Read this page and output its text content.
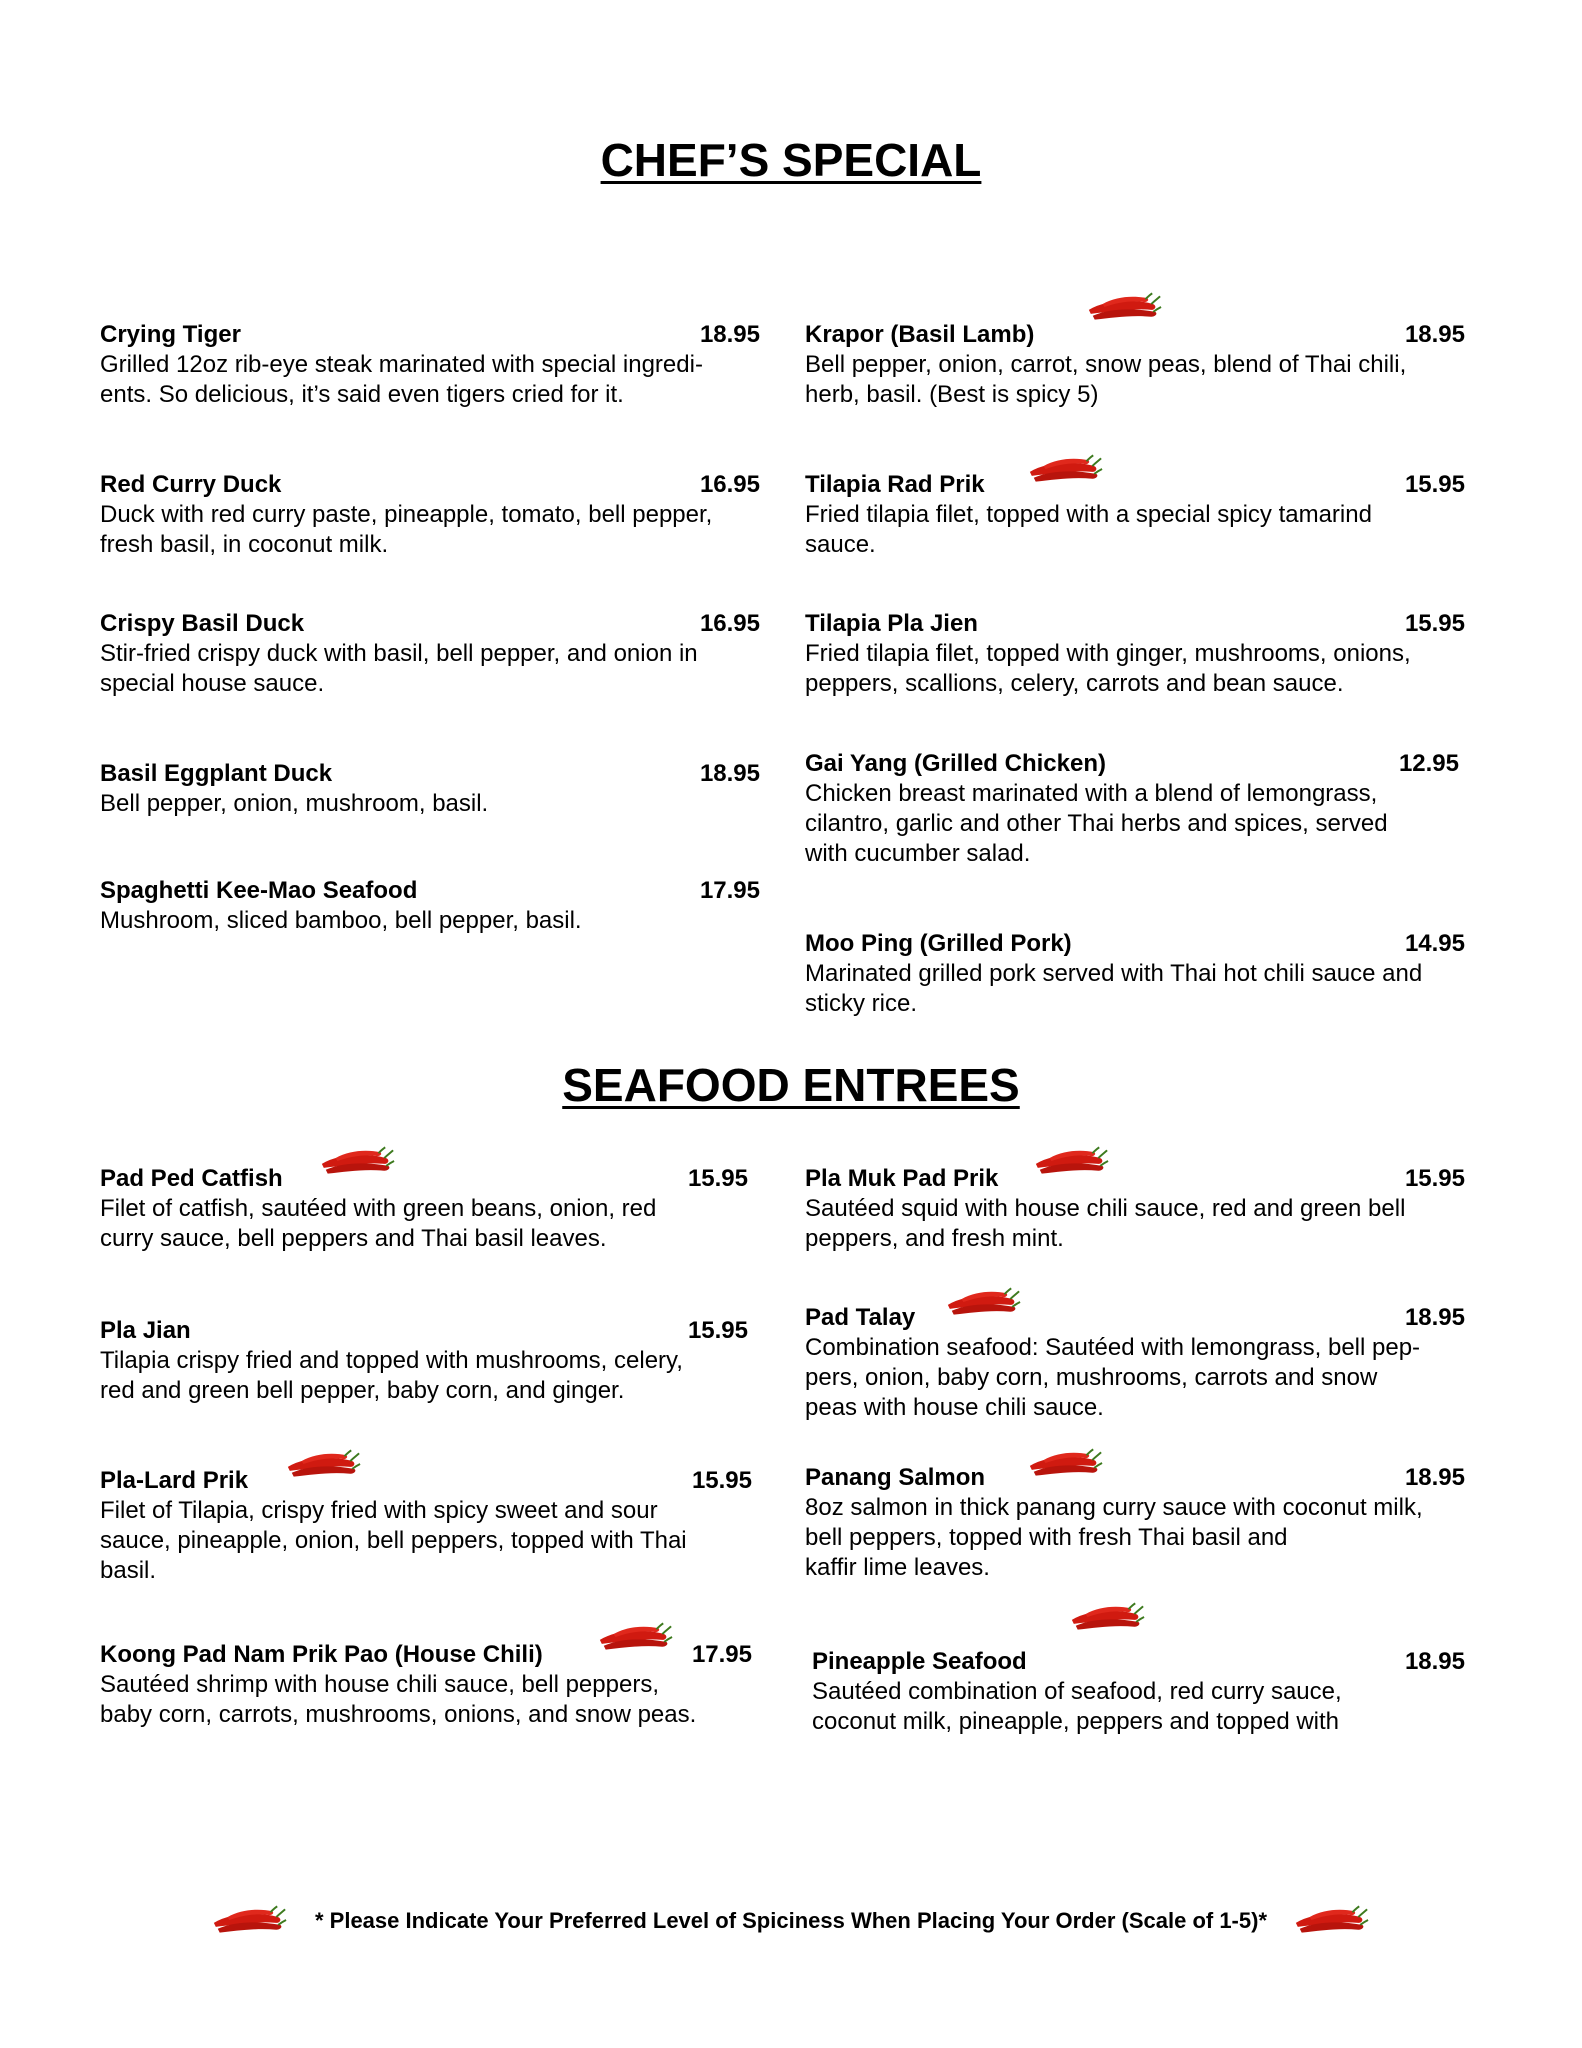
CHEF’S SPECIAL
Crying Tiger	18.95
Grilled 12oz rib-eye steak marinated with special ingredi-
ents. So delicious, it’s said even tigers cried for it.
Red Curry Duck	16.95
Duck with red curry paste, pineapple, tomato, bell pepper,
fresh basil, in coconut milk.
Crispy Basil Duck	16.95
Stir-fried crispy duck with basil, bell pepper, and onion in
special house sauce.
Basil Eggplant Duck	18.95
Bell pepper, onion, mushroom, basil.
Spaghetti Kee-Mao Seafood	17.95
Mushroom, sliced bamboo, bell pepper, basil.
Krapor (Basil Lamb)	18.95
Bell pepper, onion, carrot, snow peas, blend of Thai chili,
herb, basil. (Best is spicy 5)
Tilapia Rad Prik	15.95
Fried tilapia filet, topped with a special spicy tamarind
sauce.
Tilapia Pla Jien	15.95
Fried tilapia filet, topped with ginger, mushrooms, onions,
peppers, scallions, celery, carrots and bean sauce.
Gai Yang (Grilled Chicken)	12.95
Chicken breast marinated with a blend of lemongrass,
cilantro, garlic and other Thai herbs and spices, served
with cucumber salad.
Moo Ping (Grilled Pork)	14.95
Marinated grilled pork served with Thai hot chili sauce and
sticky rice.
SEAFOOD ENTREES
Pad Ped Catfish	15.95
Filet of catfish, sautéed with green beans, onion, red
curry sauce, bell peppers and Thai basil leaves.
Pla Jian	15.95
Tilapia crispy fried and topped with mushrooms, celery,
red and green bell pepper, baby corn, and ginger.
Pla-Lard Prik	15.95
Filet of Tilapia, crispy fried with spicy sweet and sour
sauce, pineapple, onion, bell peppers, topped with Thai
basil.
Koong Pad Nam Prik Pao (House Chili)	17.95
Sautéed shrimp with house chili sauce, bell peppers,
baby corn, carrots, mushrooms, onions, and snow peas.
Pla Muk Pad Prik	15.95
Sautéed squid with house chili sauce, red and green bell
peppers, and fresh mint.
Pad Talay	18.95
Combination seafood: Sautéed with lemongrass, bell pep-
pers, onion, baby corn, mushrooms, carrots and snow
peas with house chili sauce.
Panang Salmon	18.95
8oz salmon in thick panang curry sauce with coconut milk,
bell peppers, topped with fresh Thai basil and
kaffir lime leaves.
Pineapple Seafood	18.95
Sautéed combination of seafood, red curry sauce,
coconut milk, pineapple, peppers and topped with
* Please Indicate Your Preferred Level of Spiciness When Placing Your Order (Scale of 1-5)*
